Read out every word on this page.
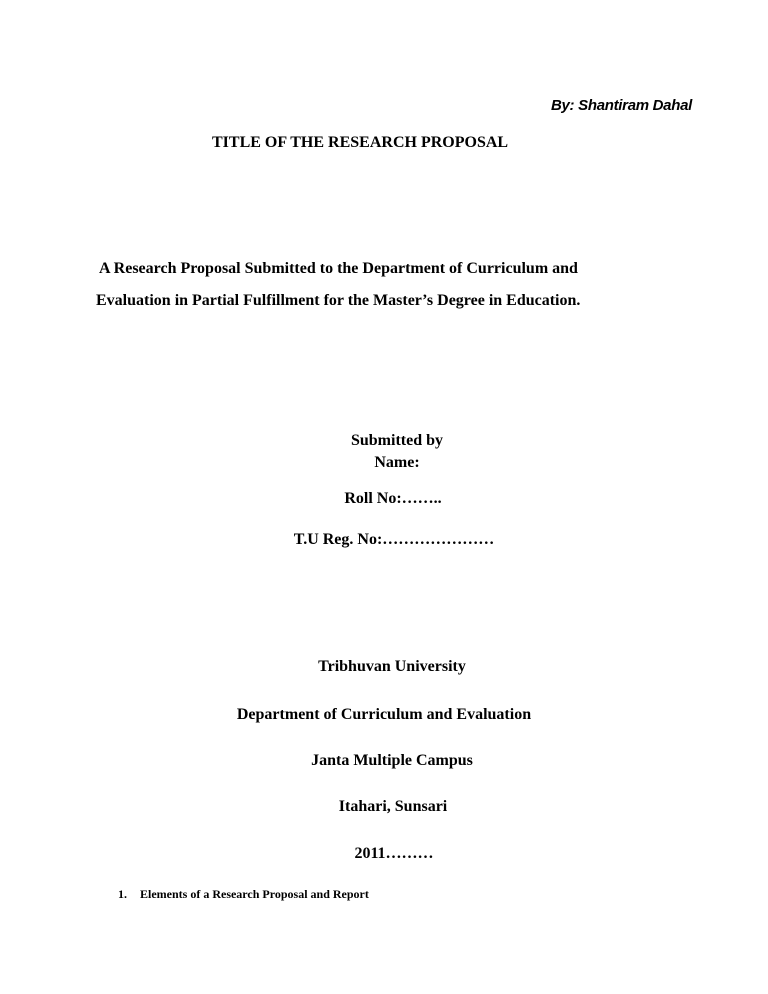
By: Shantiram Dahal
TITLE OF THE RESEARCH PROPOSAL
A Research Proposal Submitted to the Department of Curriculum and
Evaluation in Partial Fulfillment for the Master’s Degree in Education.
Submitted by
Name:
Roll No:……..
T.U Reg. No:…………………
Tribhuvan University
Department of Curriculum and Evaluation
Janta Multiple Campus
Itahari, Sunsari
2011………
1. Elements of a Research Proposal and Report
